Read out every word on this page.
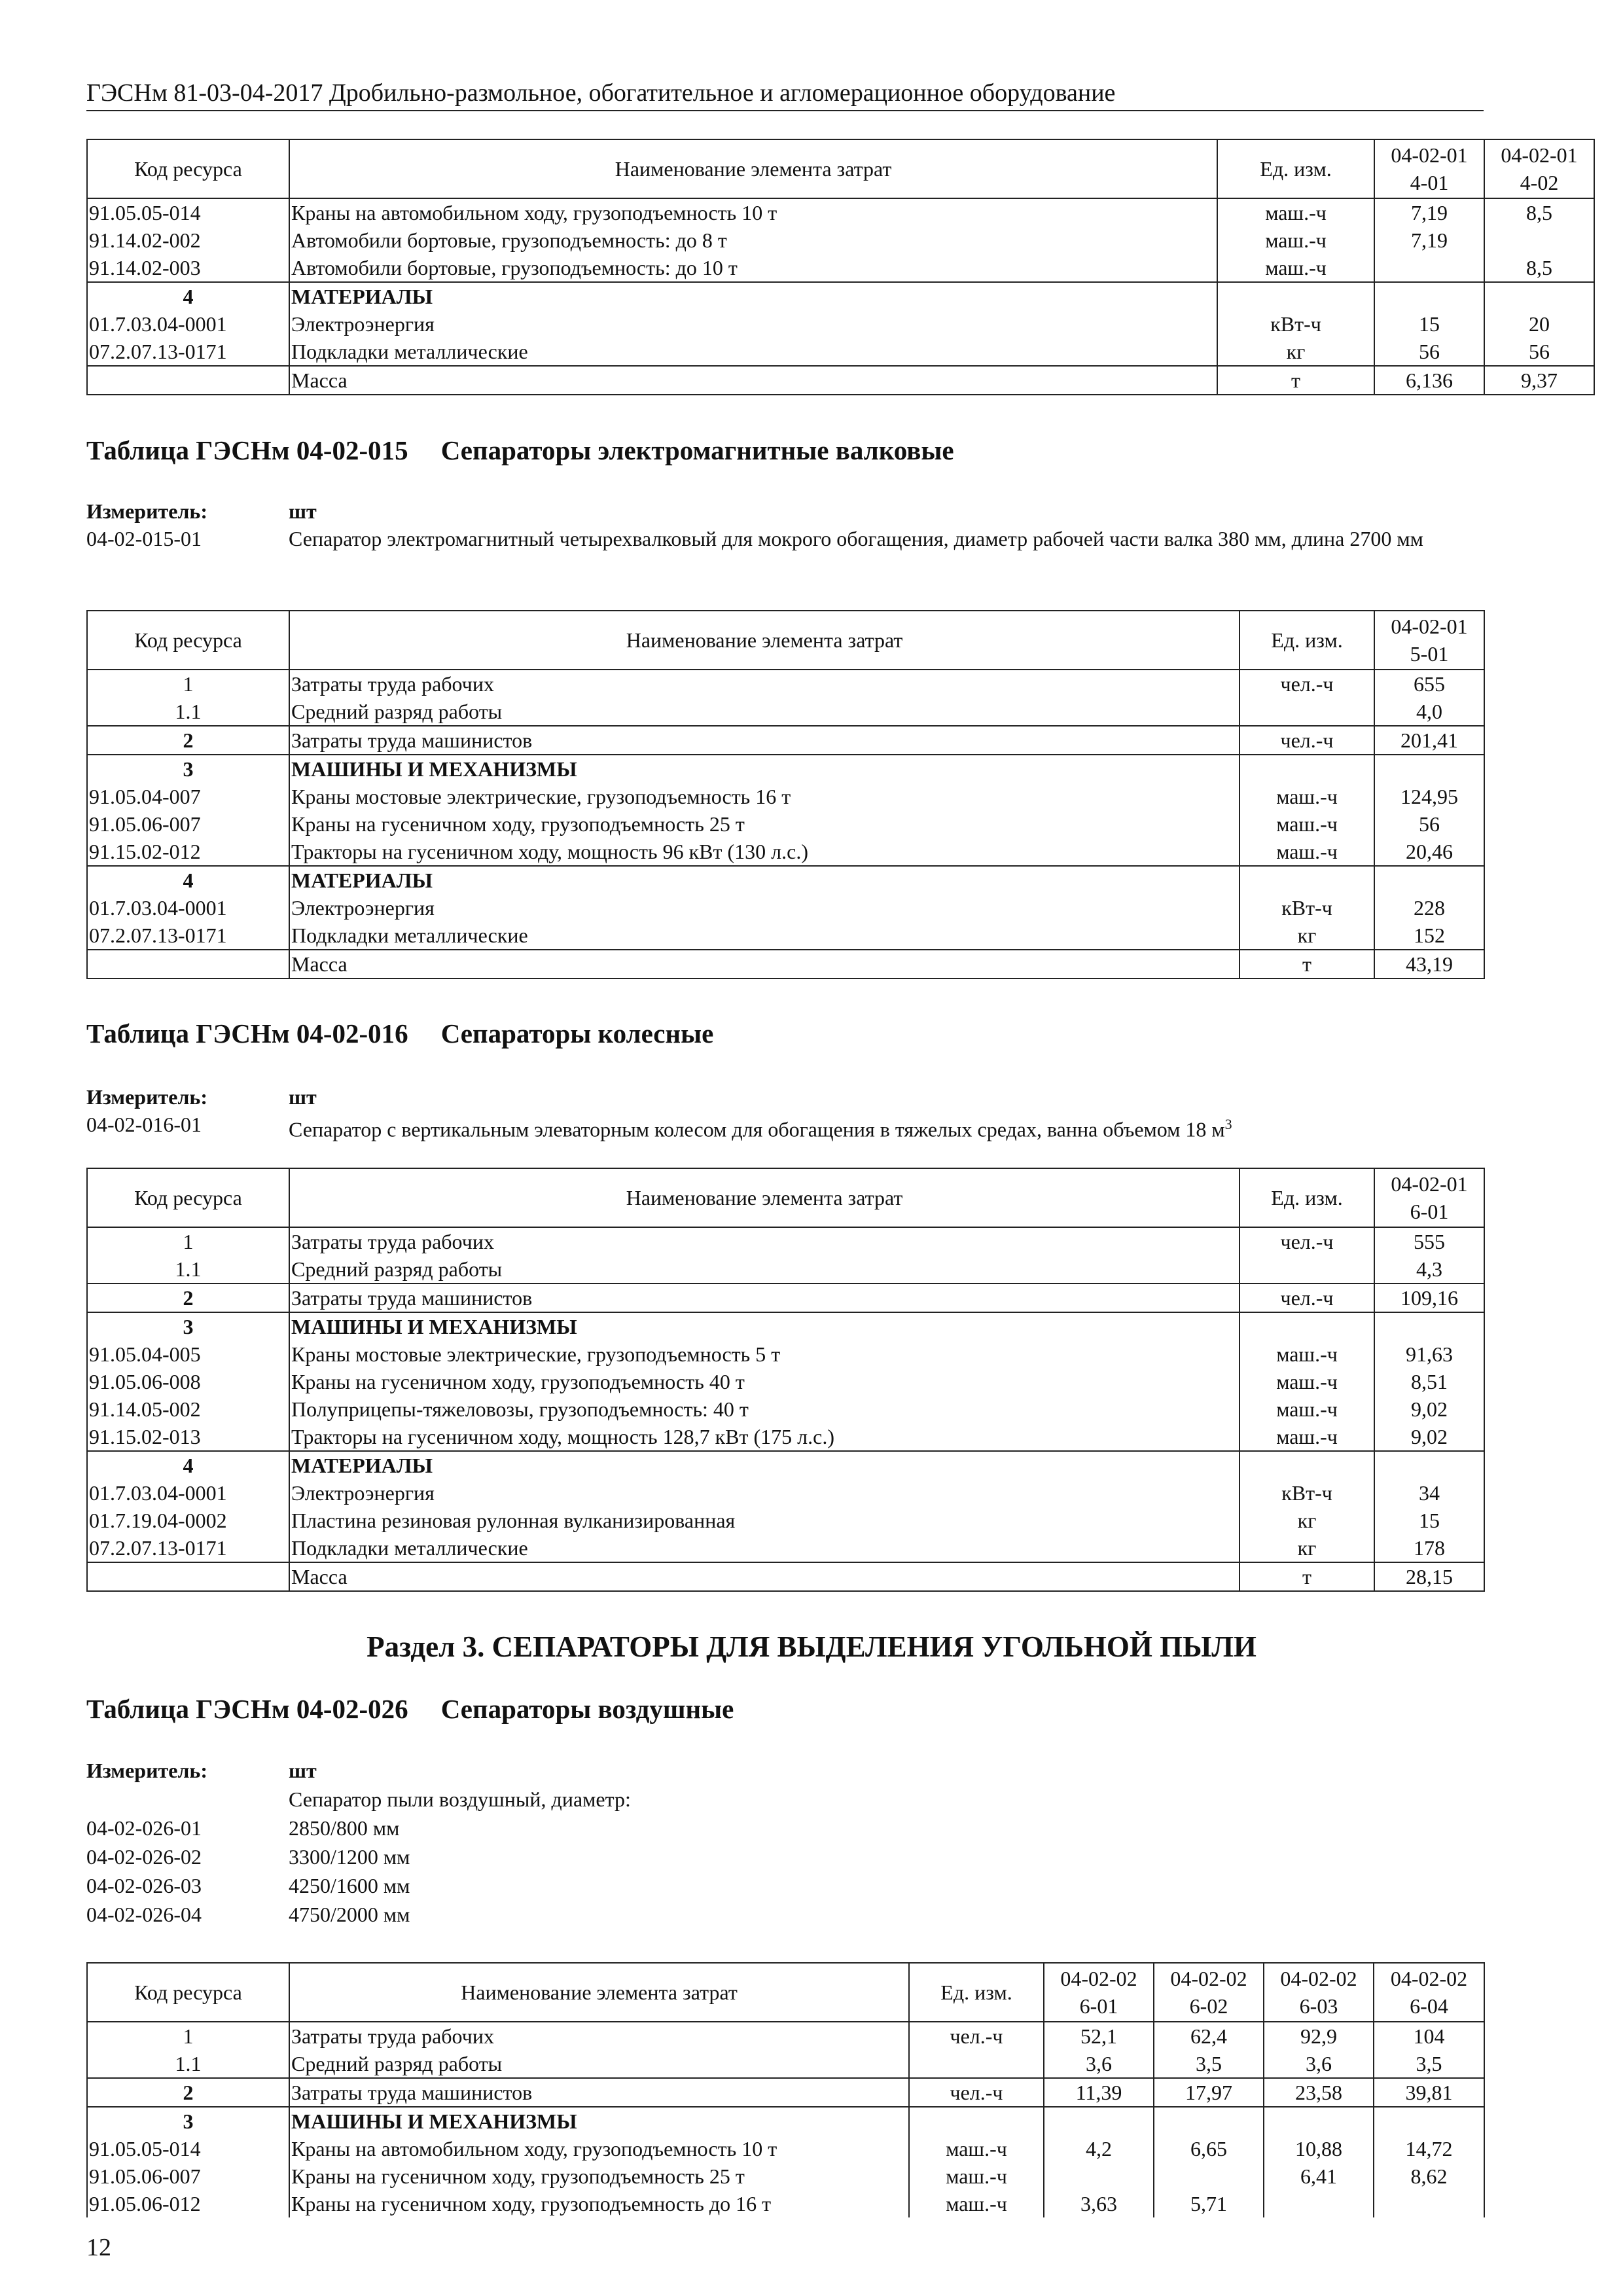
ГЭСНм 81-03-04-2017 Дробильно-размольное, обогатительное и агломерационное оборудование
Код ресурса	Наименование элемента затрат	Ед. изм.	04-02-014-01	04-02-014-02
91.05.05-014	Краны на автомобильном ходу, грузоподъемность 10 т	маш.-ч	7,19	8,5
91.14.02-002	Автомобили бортовые, грузоподъемность: до 8 т	маш.-ч	7,19	
91.14.02-003	Автомобили бортовые, грузоподъемность: до 10 т	маш.-ч		8,5
4	МАТЕРИАЛЫ			
01.7.03.04-0001	Электроэнергия	кВт-ч	15	20
07.2.07.13-0171	Подкладки металлические	кг	56	56
	Масса	т	6,136	9,37
Таблица ГЭСНм 04-02-015 Сепараторы электромагнитные валковые
Измеритель:	шт
04-02-015-01	Сепаратор электромагнитный четырехвалковый для мокрого обогащения, диаметр рабочей части валка 380 мм, длина 2700 мм
Код ресурса	Наименование элемента затрат	Ед. изм.	04-02-015-01
1	Затраты труда рабочих	чел.-ч	655
1.1	Средний разряд работы		4,0
2	Затраты труда машинистов	чел.-ч	201,41
3	МАШИНЫ И МЕХАНИЗМЫ		
91.05.04-007	Краны мостовые электрические, грузоподъемность 16 т	маш.-ч	124,95
91.05.06-007	Краны на гусеничном ходу, грузоподъемность 25 т	маш.-ч	56
91.15.02-012	Тракторы на гусеничном ходу, мощность 96 кВт (130 л.с.)	маш.-ч	20,46
4	МАТЕРИАЛЫ		
01.7.03.04-0001	Электроэнергия	кВт-ч	228
07.2.07.13-0171	Подкладки металлические	кг	152
	Масса	т	43,19
Таблица ГЭСНм 04-02-016 Сепараторы колесные
Измеритель:	шт
04-02-016-01	Сепаратор с вертикальным элеваторным колесом для обогащения в тяжелых средах, ванна объемом 18 $м^3$
Код ресурса	Наименование элемента затрат	Ед. изм.	04-02-016-01
1	Затраты труда рабочих	чел.-ч	555
1.1	Средний разряд работы		4,3
2	Затраты труда машинистов	чел.-ч	109,16
3	МАШИНЫ И МЕХАНИЗМЫ		
91.05.04-005	Краны мостовые электрические, грузоподъемность 5 т	маш.-ч	91,63
91.05.06-008	Краны на гусеничном ходу, грузоподъемность 40 т	маш.-ч	8,51
91.14.05-002	Полуприцепы-тяжеловозы, грузоподъемность: 40 т	маш.-ч	9,02
91.15.02-013	Тракторы на гусеничном ходу, мощность 128,7 кВт (175 л.с.)	маш.-ч	9,02
4	МАТЕРИАЛЫ		
01.7.03.04-0001	Электроэнергия	кВт-ч	34
01.7.19.04-0002	Пластина резиновая рулонная вулканизированная	кг	15
07.2.07.13-0171	Подкладки металлические	кг	178
	Масса	т	28,15
Раздел 3. СЕПАРАТОРЫ ДЛЯ ВЫДЕЛЕНИЯ УГОЛЬНОЙ ПЫЛИ
Таблица ГЭСНм 04-02-026 Сепараторы воздушные
Измеритель:	шт
Сепаратор пыли воздушный, диаметр:
04-02-026-01	2850/800 мм
04-02-026-02	3300/1200 мм
04-02-026-03	4250/1600 мм
04-02-026-04	4750/2000 мм
Код ресурса	Наименование элемента затрат	Ед. изм.	04-02-026-01	04-02-026-02	04-02-026-03	04-02-026-04
1	Затраты труда рабочих	чел.-ч	52,1	62,4	92,9	104
1.1	Средний разряд работы		3,6	3,5	3,6	3,5
2	Затраты труда машинистов	чел.-ч	11,39	17,97	23,58	39,81
3	МАШИНЫ И МЕХАНИЗМЫ					
91.05.05-014	Краны на автомобильном ходу, грузоподъемность 10 т	маш.-ч	4,2	6,65	10,88	14,72
91.05.06-007	Краны на гусеничном ходу, грузоподъемность 25 т	маш.-ч			6,41	8,62
91.05.06-012	Краны на гусеничном ходу, грузоподъемность до 16 т	маш.-ч	3,63	5,71		
12
